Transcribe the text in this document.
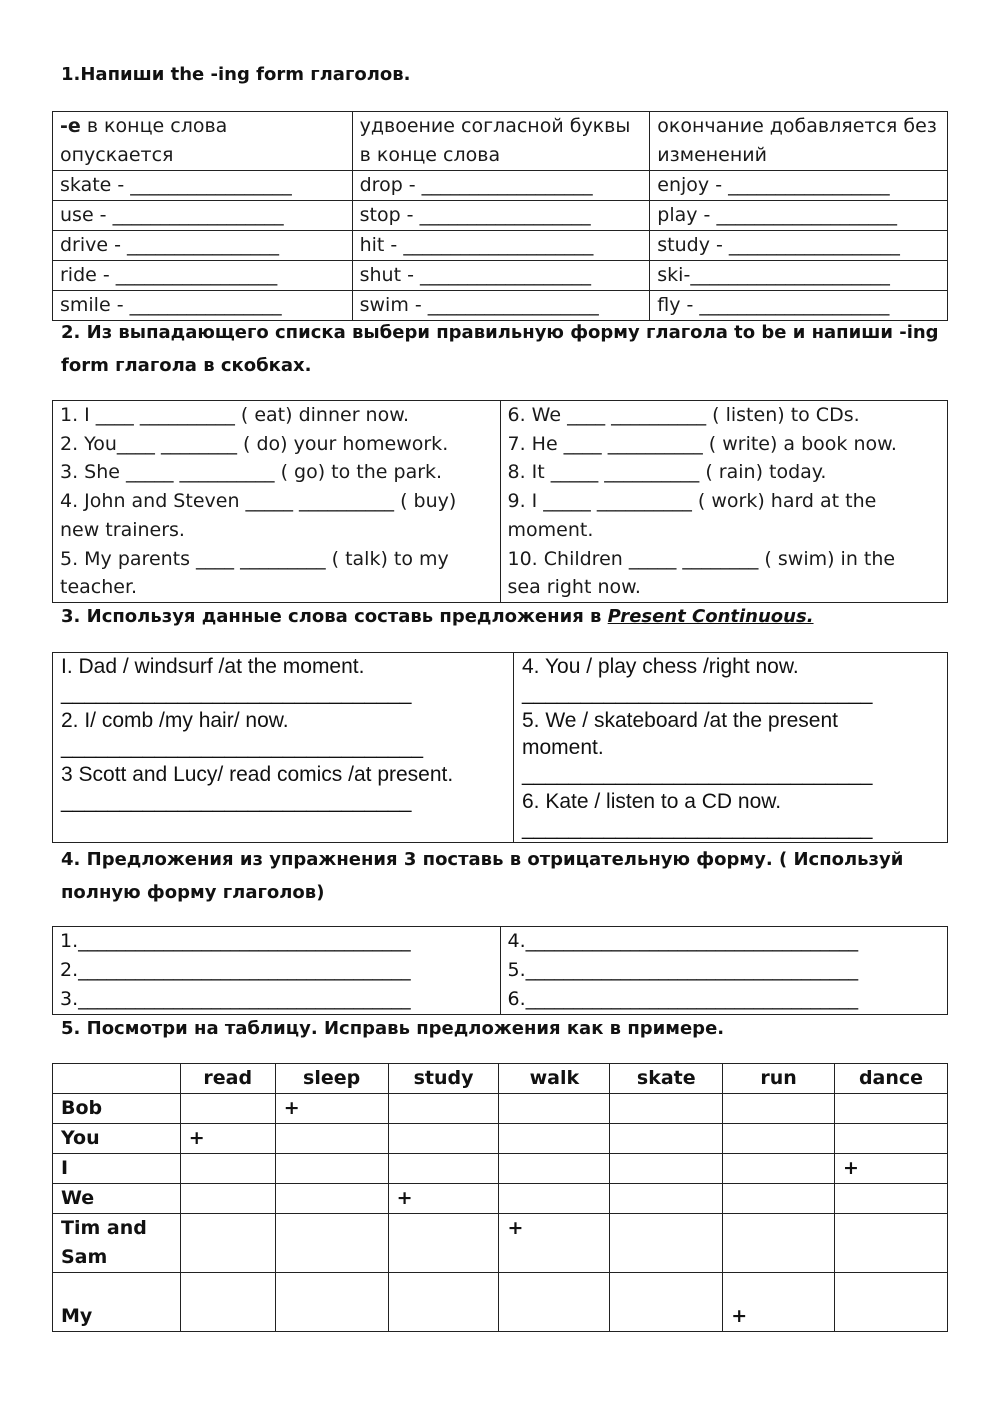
1.Напиши the -ing form глаголов.

-е в конце слова опускается	удвоение согласной буквы в конце слова	окончание добавляется без изменений
skate - _________________	drop - __________________	enjoy - _________________
use - __________________	stop - __________________	play - ___________________
drive - ________________	hit - ____________________	study - __________________
ride - _________________	shut - __________________	ski-_____________________
smile - ________________	swim - __________________	fly - ____________________

2. Из выпадающего списка выбери правильную форму глагола to be и напиши -ing form глагола в скобках.

1. I ____ __________ ( eat) dinner now.

2. You____ ________ ( do) your homework.

3. She _____ __________ ( go) to the park.

4. John and Steven _____ __________ ( buy)

new trainers.

5. My parents ____ _________ ( talk) to my

teacher.

6. We ____ __________ ( listen) to CDs.

7. He ____ __________ ( write) a book now.

8. It _____ __________ ( rain) today.

9. I _____ __________ ( work) hard at the

moment.

10. Children _____ ________ ( swim) in the

sea right now.

3. Используя данные слова составь предложения в Present Continuous.

I. Dad / windsurf /at the moment.

______________________________

2. I/ comb /my hair/ now.

_______________________________

3 Scott and Lucy/ read comics /at present.

______________________________

4. You / play chess /right now.

______________________________

5. We / skateboard /at the present

moment.

______________________________

6. Kate / listen to a CD now.

______________________________

4. Предложения из упражнения 3 поставь в отрицательную форму. ( Используй полную форму глаголов)

1.___________________________________

2.___________________________________

3.___________________________________

4.___________________________________

5.___________________________________

6.___________________________________

5. Посмотри на таблицу. Исправь предложения как в примере.

	read	sleep	study	walk	skate	run	dance
Bob		+					
You	+						
I							+
We			+				
Tim and Sam				+			
My						+	
